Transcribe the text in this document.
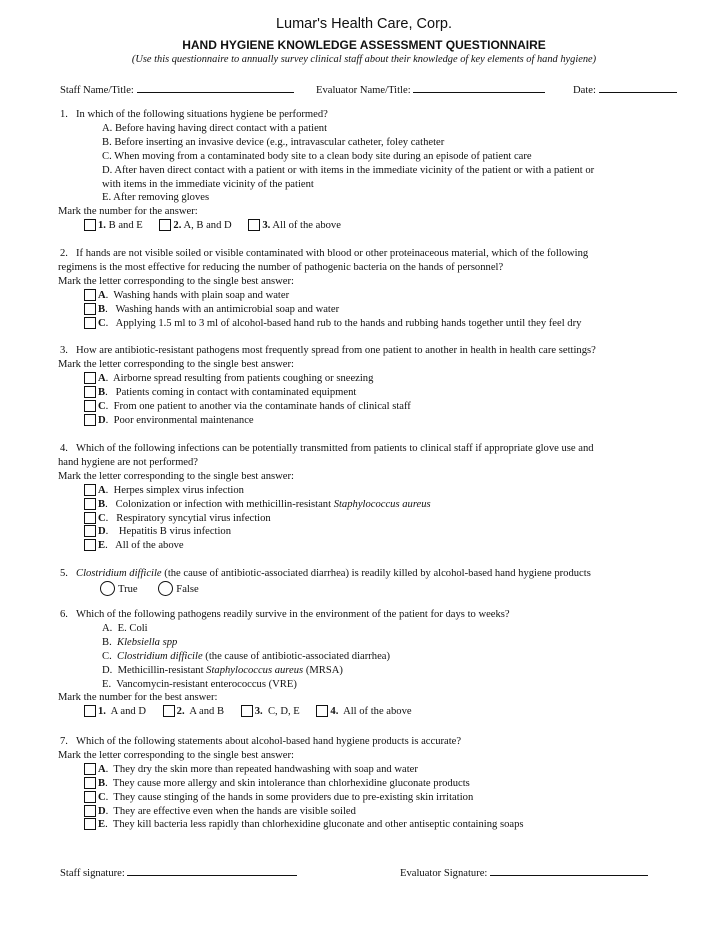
Lumar's Health Care, Corp.
HAND HYGIENE KNOWLEDGE ASSESSMENT QUESTIONNAIRE
(Use this questionnaire to annually survey clinical staff about their knowledge of key elements of hand hygiene)
Staff Name/Title:	Evaluator Name/Title:	Date:

1. In which of the following situations hygiene be performed?

A. Before having having direct contact with a patient
B. Before inserting an invasive device (e.g., intravascular catheter, foley catheter
C. When moving from a contaminated body site to a clean body site during an episode of patient care
D. After haven direct contact with a patient or with items in the immediate vicinity of the patient or with a patient or
with items in the immediate vicinity of the patient
E. After removing gloves

Mark the number for the answer:

1. B and E	2. A, B and D	3. All of the above

2. If hands are not visible soiled or visible contaminated with blood or other proteinaceous material, which of the following

regimens is the most effective for reducing the number of pathogenic bacteria on the hands of personnel?

Mark the letter corresponding to the single best answer:

A.  Washing hands with plain soap and water
B.   Washing hands with an antimicrobial soap and water
C.   Applying 1.5 ml to 3 ml of alcohol-based hand rub to the hands and rubbing hands together until they feel dry

3. How are antibiotic-resistant pathogens most frequently spread from one patient to another in health in health care settings?

Mark the letter corresponding to the single best answer:

A.  Airborne spread resulting from patients coughing or sneezing
B.   Patients coming in contact with contaminated equipment
C.  From one patient to another via the contaminate hands of clinical staff
D.  Poor environmental maintenance

4. Which of the following infections can be potentially transmitted from patients to clinical staff if appropriate glove use and

hand hygiene are not performed?

Mark the letter corresponding to the single best answer:

A.  Herpes simplex virus infection
B.   Colonization or infection with methicillin-resistant Staphylococcus aureus
C.   Respiratory syncytial virus infection
D.    Hepatitis B virus infection
E.   All of the above

5. Clostridium difficile (the cause of antibiotic-associated diarrhea) is readily killed by alcohol-based hand hygiene products

True	False

6. Which of the following pathogens readily survive in the environment of the patient for days to weeks?

A. E. Coli
B. Klebsiella spp
C. Clostridium difficile (the cause of antibiotic-associated diarrhea)
D. Methicillin-resistant Staphylococcus aureus (MRSA)
E. Vancomycin-resistant enterococcus (VRE)

Mark the number for the best answer:

1. A and D	2. A and B	3. C, D, E	4. All of the above

7. Which of the following statements about alcohol-based hand hygiene products is accurate?

Mark the letter corresponding to the single best answer:

A.  They dry the skin more than repeated handwashing with soap and water
B.  They cause more allergy and skin intolerance than chlorhexidine gluconate products
C.  They cause stinging of the hands in some providers due to pre-existing skin irritation
D.  They are effective even when the hands are visible soiled
E.  They kill bacteria less rapidly than chlorhexidine gluconate and other antiseptic containing soaps
Staff signature:	Evaluator Signature:
